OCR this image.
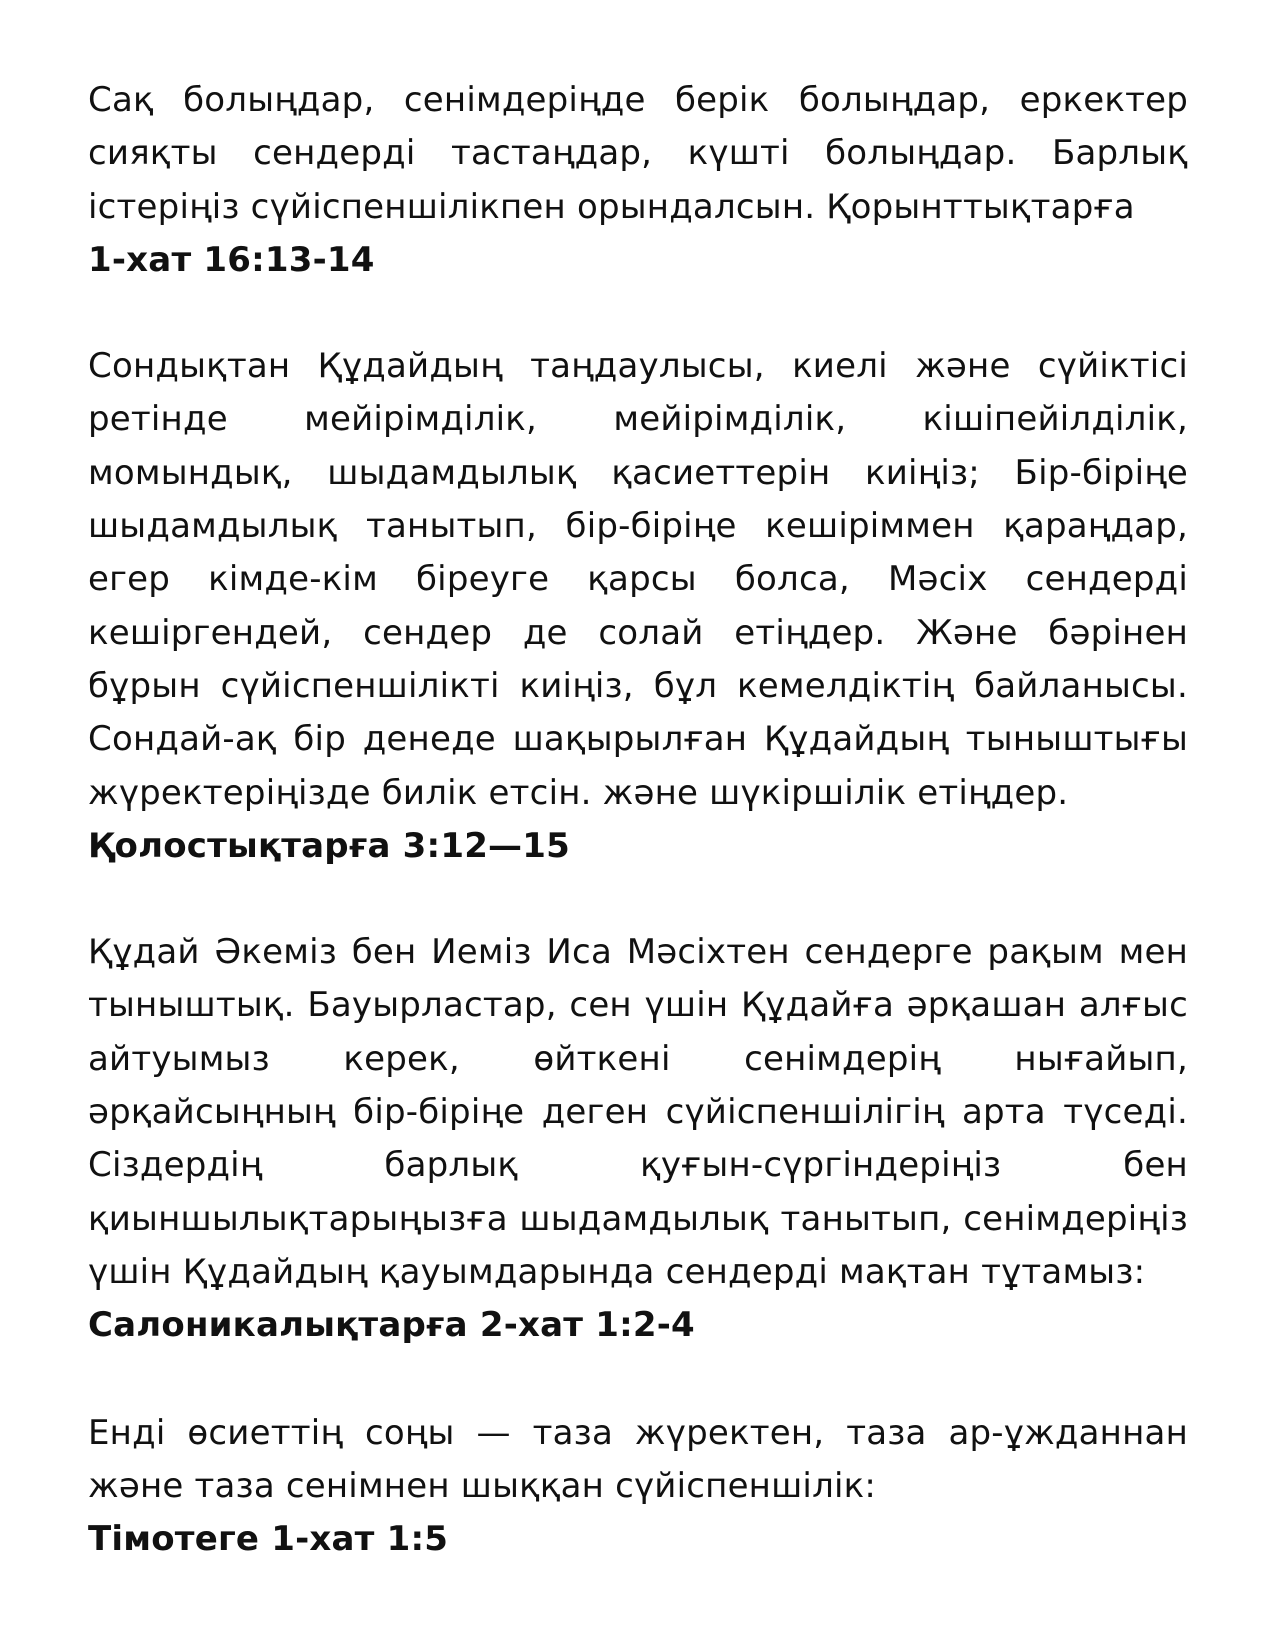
Сақ болыңдар, сенімдеріңде берік болыңдар, еркектер сияқты сендерді тастаңдар, күшті болыңдар. Барлық істеріңіз сүйіспеншілікпен орындалсын. Қорынттықтарға
1-хат 16:13-14

Сондықтан Құдайдың таңдаулысы, киелі және сүйіктісі ретінде мейірімділік, мейірімділік, кішіпейілділік, момындық, шыдамдылық қасиеттерін киіңіз; Бір-біріңе шыдамдылық танытып, бір-біріңе кешіріммен қараңдар, егер кімде-кім біреуге қарсы болса, Мәсіх сендерді кешіргендей, сендер де солай етіңдер. Және бәрінен бұрын сүйіспеншілікті киіңіз, бұл кемелдіктің байланысы. Сондай-ақ бір денеде шақырылған Құдайдың тыныштығы жүректеріңізде билік етсін. және шүкіршілік етіңдер.
Қолостықтарға 3:12—15

Құдай Әкеміз бен Иеміз Иса Мәсіхтен сендерге рақым мен тыныштық. Бауырластар, сен үшін Құдайға әрқашан алғыс айтуымыз керек, өйткені сенімдерің нығайып, әрқайсыңның бір-біріңе деген сүйіспеншілігің арта түседі. Сіздердің барлық қуғын-сүргіндеріңіз бен қиыншылықтарыңызға шыдамдылық танытып, сенімдеріңіз үшін Құдайдың қауымдарында сендерді мақтан тұтамыз:
Салоникалықтарға 2-хат 1:2-4

Енді өсиеттің соңы — таза жүректен, таза ар-ұжданнан және таза сенімнен шыққан сүйіспеншілік:
Тімотеге 1-хат 1:5
